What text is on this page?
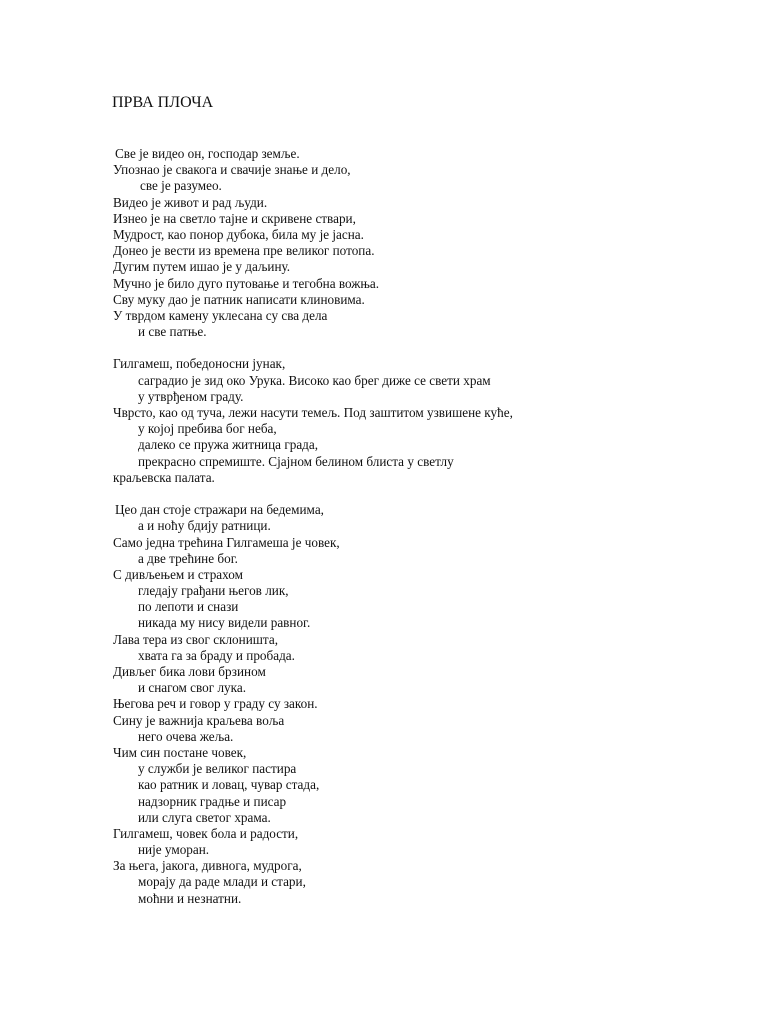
ПРВА ПЛОЧА
Све је видео он, господар земље.
Упознао је свакога и свачије знање и дело,
све је разумео.
Видео је живот и рад људи.
Изнео је на светло тајне и скривене ствари,
Мудрост, као понор дубока, била му је јасна.
Донео је вести из времена пре великог потопа.
Дугим путем ишао је у даљину.
Мучно је било дуго путовање и тегобна вожња.
Сву муку дао је патник написати клиновима.
У тврдом камену уклесана су сва дела
и све патње.
Гилгамеш, победоносни јунак,
саградио је зид око Урука. Високо као брег диже се свети храм
у утврђеном граду.
Чврсто, као од туча, лежи насути темељ. Под заштитом узвишене куће,
у којој пребива бог неба,
далеко се пружа житница града,
прекрасно спремиште. Сјајном белином блиста у светлу
краљевска палата.
Цео дан стоје стражари на бедемима,
а и ноћу бдију ратници.
Само једна трећина Гилгамеша је човек,
а две трећине бог.
С дивљењем и страхом
гледају грађани његов лик,
по лепоти и снази
никада му нису видели равног.
Лава тера из свог склоништа,
хвата га за браду и пробада.
Дивљег бика лови брзином
и снагом свог лука.
Његова реч и говор у граду су закон.
Сину је важнија краљева воља
него очева жеља.
Чим син постане човек,
у служби је великог пастира
као ратник и ловац, чувар стада,
надзорник градње и писар
или слуга светог храма.
Гилгамеш, човек бола и радости,
није уморан.
За њега, јакога, дивнога, мудрога,
морају да раде млади и стари,
моћни и незнатни.
